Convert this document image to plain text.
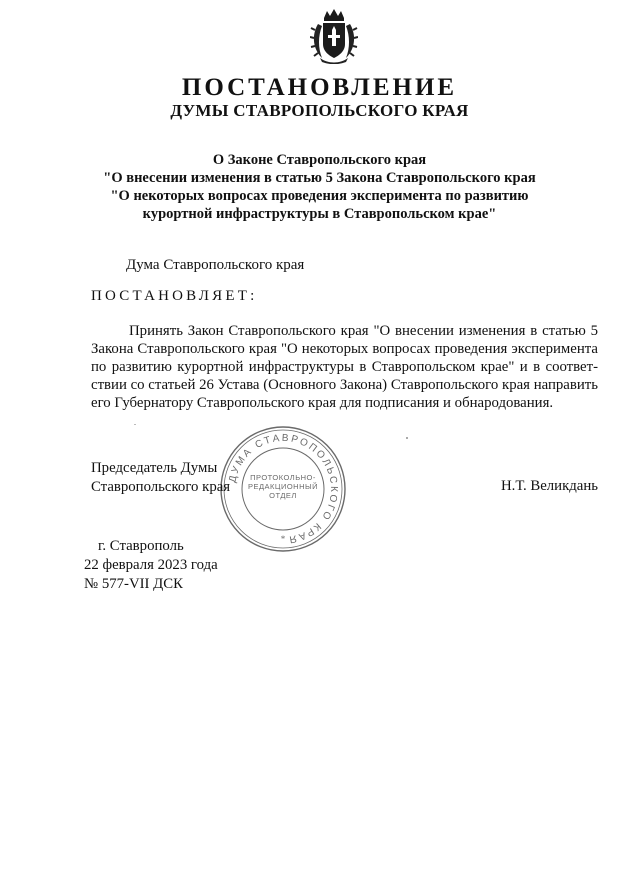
ПОСТАНОВЛЕНИЕ
ДУМЫ СТАВРОПОЛЬСКОГО КРАЯ
О Законе Ставропольского края
"О внесении изменения в статью 5 Закона Ставропольского края
"О некоторых вопросах проведения эксперимента по развитию
курортной инфраструктуры в Ставропольском крае"
Дума Ставропольского края
ПОСТАНОВЛЯЕТ:
Принять Закон Ставропольского края "О внесении изменения в статью 5
Закона Ставропольского края "О некоторых вопросах проведения эксперимента
по развитию курортной инфраструктуры в Ставропольском крае" и в соответ-
ствии со статьей 26 Устава (Основного Закона) Ставропольского края направить
его Губернатору Ставропольского края для подписания и обнародования.
ДУМА СТАВРОПОЛЬСКОГО КРАЯ
*
ПРОТОКОЛЬНО-
РЕДАКЦИОННЫЙ
ОТДЕЛ
Председатель Думы
Ставропольского края	Н.Т. Великдань
г. Ставрополь
22 февраля 2023 года
№ 577-VII ДСК
